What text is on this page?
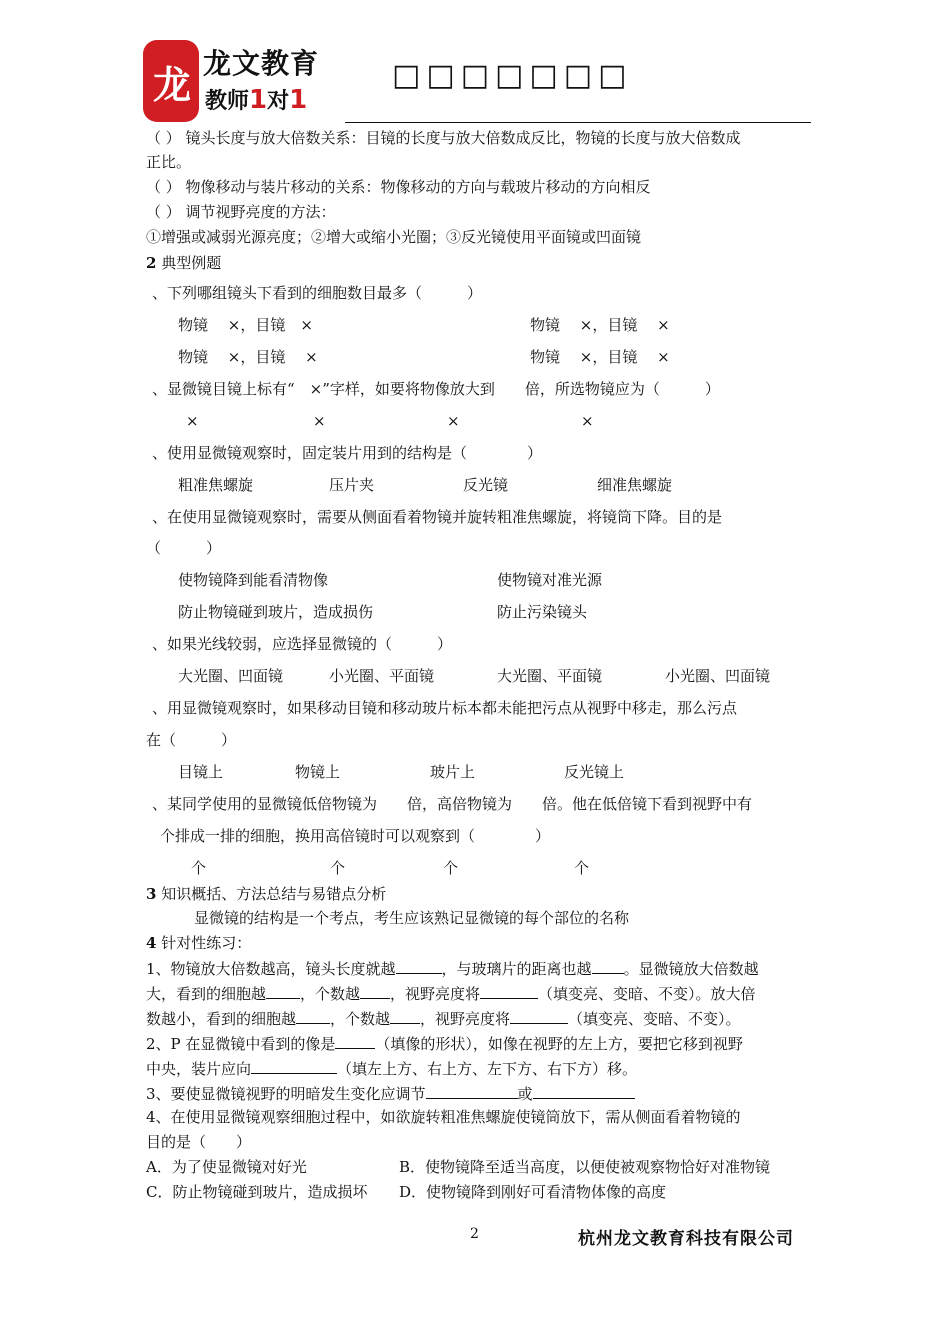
龙 龙文教育
教师1对1
□□□□□□□
（ ） 镜头长度与放大倍数关系：目镜的长度与放大倍数成反比，物镜的长度与放大倍数成
正比。
（ ） 物像移动与装片移动的关系：物像移动的方向与载玻片移动的方向相反
（ ） 调节视野亮度的方法：
①增强或减弱光源亮度；②增大或缩小光圈；③反光镜使用平面镜或凹面镜
2 典型例题
、下列哪组镜头下看到的细胞数目最多（　　　）
物镜　 ×，目镜　×	物镜　 ×，目镜　 ×
物镜　 ×，目镜　 ×	物镜　 ×，目镜　 ×
、显微镜目镜上标有“　×”字样，如要将物像放大到　　倍，所选物镜应为（　　　）
×	×	×	×
、使用显微镜观察时，固定装片用到的结构是（　　　　）
粗准焦螺旋	压片夹	反光镜	细准焦螺旋
、在使用显微镜观察时，需要从侧面看着物镜并旋转粗准焦螺旋，将镜筒下降。目的是
（　　　）
使物镜降到能看清物像	使物镜对准光源
防止物镜碰到玻片，造成损伤	防止污染镜头
、如果光线较弱，应选择显微镜的（　　　）
大光圈、凹面镜	小光圈、平面镜	大光圈、平面镜	小光圈、凹面镜
、用显微镜观察时，如果移动目镜和移动玻片标本都未能把污点从视野中移走，那么污点
在（　　　）
目镜上	物镜上	玻片上	反光镜上
、某同学使用的显微镜低倍物镜为　　倍，高倍物镜为　　倍。他在低倍镜下看到视野中有
个排成一排的细胞，换用高倍镜时可以观察到（　　　　）
个	个	个	个
3 知识概括、方法总结与易错点分析
显微镜的结构是一个考点，考生应该熟记显微镜的每个部位的名称
4 针对性练习：
1、物镜放大倍数越高，镜头长度就越	，与玻璃片的距离也越 。显微镜放大倍数越
大，看到的细胞越 ，个数越 ，视野亮度将	（填变亮、变暗、不变）。放大倍
数越小，看到的细胞越 ，个数越 ，视野亮度将	（填变亮、变暗、不变）。
2、P 在显微镜中看到的像是	（填像的形状），如像在视野的左上方，要把它移到视野
中央，装片应向	（填左上方、右上方、左下方、右下方）移。
3、要使显微镜视野的明暗发生变化应调节	或
4、在使用显微镜观察细胞过程中，如欲旋转粗准焦螺旋使镜筒放下，需从侧面看着物镜的
目的是（　　）
A．为了使显微镜对好光	B．使物镜降至适当高度，以便使被观察物恰好对准物镜
C．防止物镜碰到玻片，造成损坏 D．使物镜降到刚好可看清物体像的高度
2	杭州龙文教育科技有限公司
